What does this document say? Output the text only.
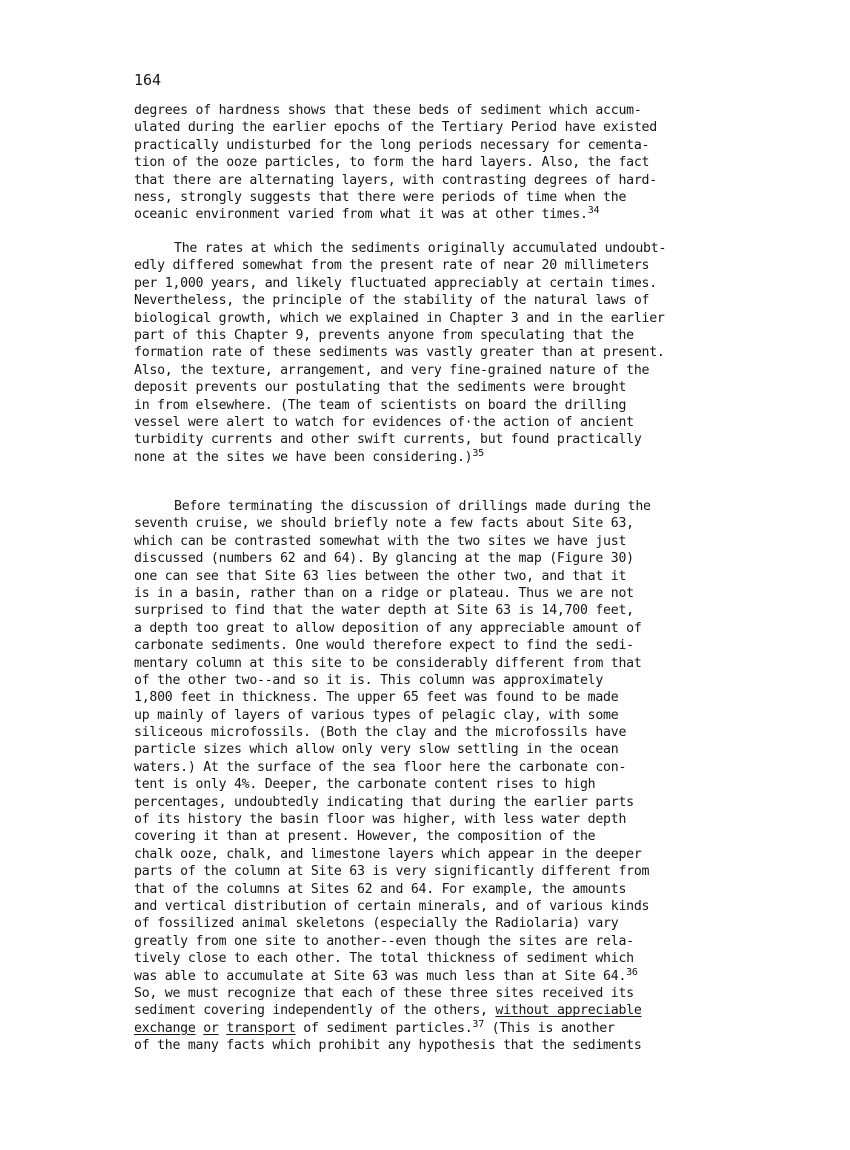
164
degrees of hardness shows that these beds of sediment which accum-
ulated during the earlier epochs of the Tertiary Period have existed
practically undisturbed for the long periods necessary for cementa-
tion of the ooze particles, to form the hard layers. Also, the fact
that there are alternating layers, with contrasting degrees of hard-
ness, strongly suggests that there were periods of time when the
oceanic environment varied from what it was at other times.$^{34}$
The rates at which the sediments originally accumulated undoubt-
edly differed somewhat from the present rate of near 20 millimeters
per 1,000 years, and likely fluctuated appreciably at certain times.
Nevertheless, the principle of the stability of the natural laws of
biological growth, which we explained in Chapter 3 and in the earlier
part of this Chapter 9, prevents anyone from speculating that the
formation rate of these sediments was vastly greater than at present.
Also, the texture, arrangement, and very fine-grained nature of the
deposit prevents our postulating that the sediments were brought
in from elsewhere. (The team of scientists on board the drilling
vessel were alert to watch for evidences of·the action of ancient
turbidity currents and other swift currents, but found practically
none at the sites we have been considering.)$^{35}$
Before terminating the discussion of drillings made during the
seventh cruise, we should briefly note a few facts about Site 63,
which can be contrasted somewhat with the two sites we have just
discussed (numbers 62 and 64). By glancing at the map (Figure 30)
one can see that Site 63 lies between the other two, and that it
is in a basin, rather than on a ridge or plateau. Thus we are not
surprised to find that the water depth at Site 63 is 14,700 feet,
a depth too great to allow deposition of any appreciable amount of
carbonate sediments. One would therefore expect to find the sedi-
mentary column at this site to be considerably different from that
of the other two--and so it is. This column was approximately
1,800 feet in thickness. The upper 65 feet was found to be made
up mainly of layers of various types of pelagic clay, with some
siliceous microfossils. (Both the clay and the microfossils have
particle sizes which allow only very slow settling in the ocean
waters.) At the surface of the sea floor here the carbonate con-
tent is only 4%. Deeper, the carbonate content rises to high
percentages, undoubtedly indicating that during the earlier parts
of its history the basin floor was higher, with less water depth
covering it than at present. However, the composition of the
chalk ooze, chalk, and limestone layers which appear in the deeper
parts of the column at Site 63 is very significantly different from
that of the columns at Sites 62 and 64. For example, the amounts
and vertical distribution of certain minerals, and of various kinds
of fossilized animal skeletons (especially the Radiolaria) vary
greatly from one site to another--even though the sites are rela-
tively close to each other. The total thickness of sediment which
was able to accumulate at Site 63 was much less than at Site 64.36
So, we must recognize that each of these three sites received its
sediment covering independently of the others, without appreciable
exchange or transport of sediment particles.$^{37}$ (This is another
of the many facts which prohibit any hypothesis that the sediments
